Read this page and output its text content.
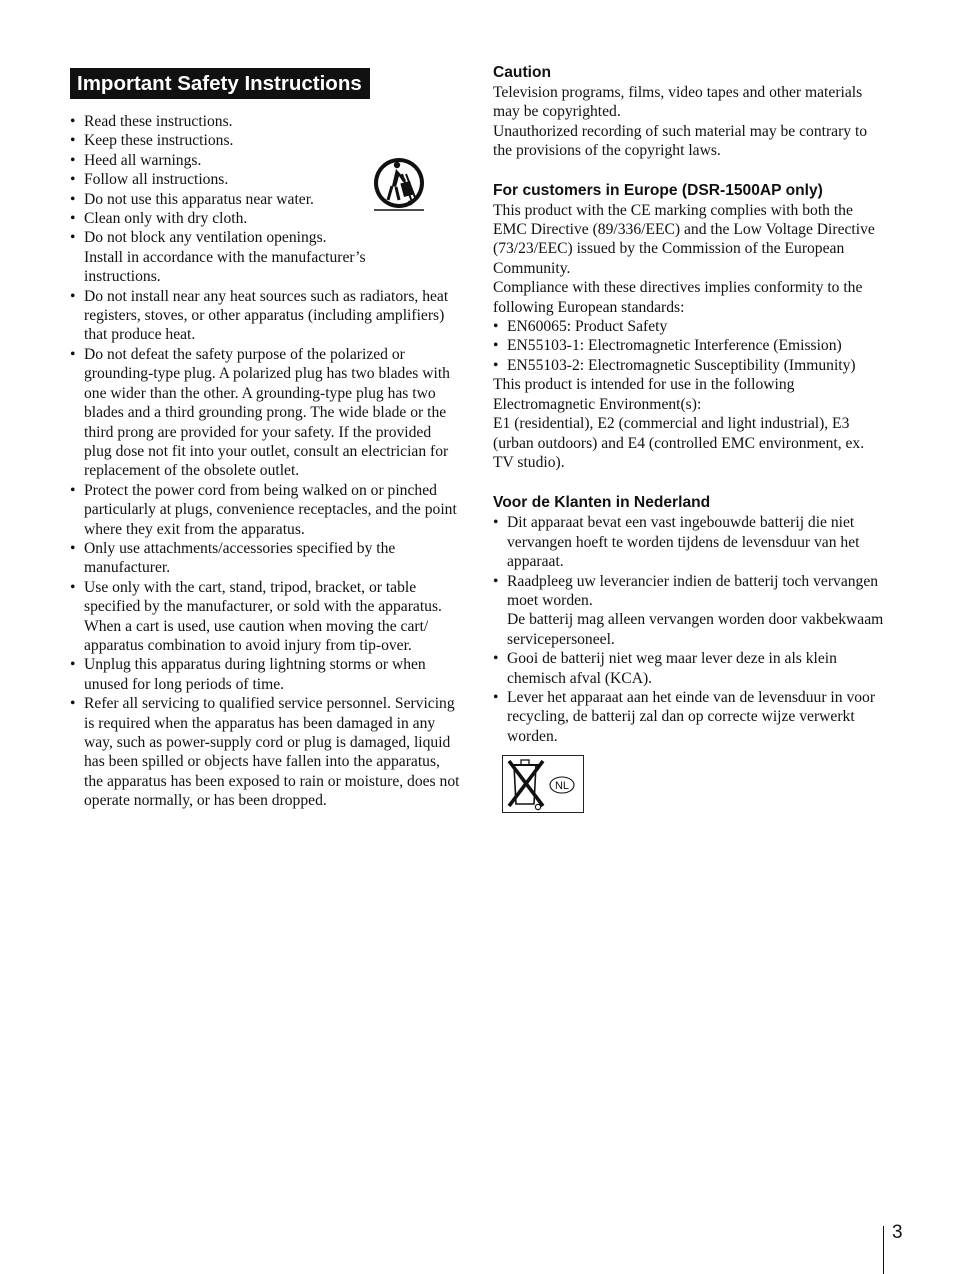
Important Safety Instructions
• Read these instructions.
• Keep these instructions.
• Heed all warnings.
• Follow all instructions.
• Do not use this apparatus near water.
• Clean only with dry cloth.
• Do not block any ventilation openings.
Install in accordance with the manufacturer’s instructions.
• Do not install near any heat sources such as radiators, heat registers, stoves, or other apparatus (including amplifiers) that produce heat.
• Do not defeat the safety purpose of the polarized or grounding-type plug. A polarized plug has two blades with one wider than the other. A grounding-type plug has two blades and a third grounding prong. The wide blade or the third prong are provided for your safety. If the provided plug dose not fit into your outlet, consult an electrician for replacement of the obsolete outlet.
• Protect the power cord from being walked on or pinched particularly at plugs, convenience receptacles, and the point where they exit from the apparatus.
• Only use attachments/accessories specified by the manufacturer.
• Use only with the cart, stand, tripod, bracket, or table specified by the manufacturer, or sold with the apparatus.
When a cart is used, use caution when moving the cart/ apparatus combination to avoid injury from tip-over.
• Unplug this apparatus during lightning storms or when unused for long periods of time.
• Refer all servicing to qualified service personnel. Servicing is required when the apparatus has been damaged in any way, such as power-supply cord or plug is damaged, liquid has been spilled or objects have fallen into the apparatus, the apparatus has been exposed to rain or moisture, does not operate normally, or has been dropped.
Caution

Television programs, films, video tapes and other materials may be copyrighted.

Unauthorized recording of such material may be contrary to the provisions of the copyright laws.

For customers in Europe (DSR-1500AP only)

This product with the CE marking complies with both the EMC Directive (89/336/EEC) and the Low Voltage Directive (73/23/EEC) issued by the Commission of the European Community.

Compliance with these directives implies conformity to the following European standards:

• EN60065: Product Safety
• EN55103-1: Electromagnetic Interference (Emission)
• EN55103-2: Electromagnetic Susceptibility (Immunity)

This product is intended for use in the following Electromagnetic Environment(s):

E1 (residential), E2 (commercial and light industrial), E3 (urban outdoors) and E4 (controlled EMC environment, ex. TV studio).

Voor de Klanten in Nederland
• Dit apparaat bevat een vast ingebouwde batterij die niet vervangen hoeft te worden tijdens de levensduur van het apparaat.
• Raadpleeg uw leverancier indien de batterij toch vervangen moet worden.
De batterij mag alleen vervangen worden door vakbekwaam servicepersoneel.
• Gooi de batterij niet weg maar lever deze in als klein chemisch afval (KCA).
• Lever het apparaat aan het einde van de levensduur in voor recycling, de batterij zal dan op correcte wijze verwerkt worden.
NL
3
